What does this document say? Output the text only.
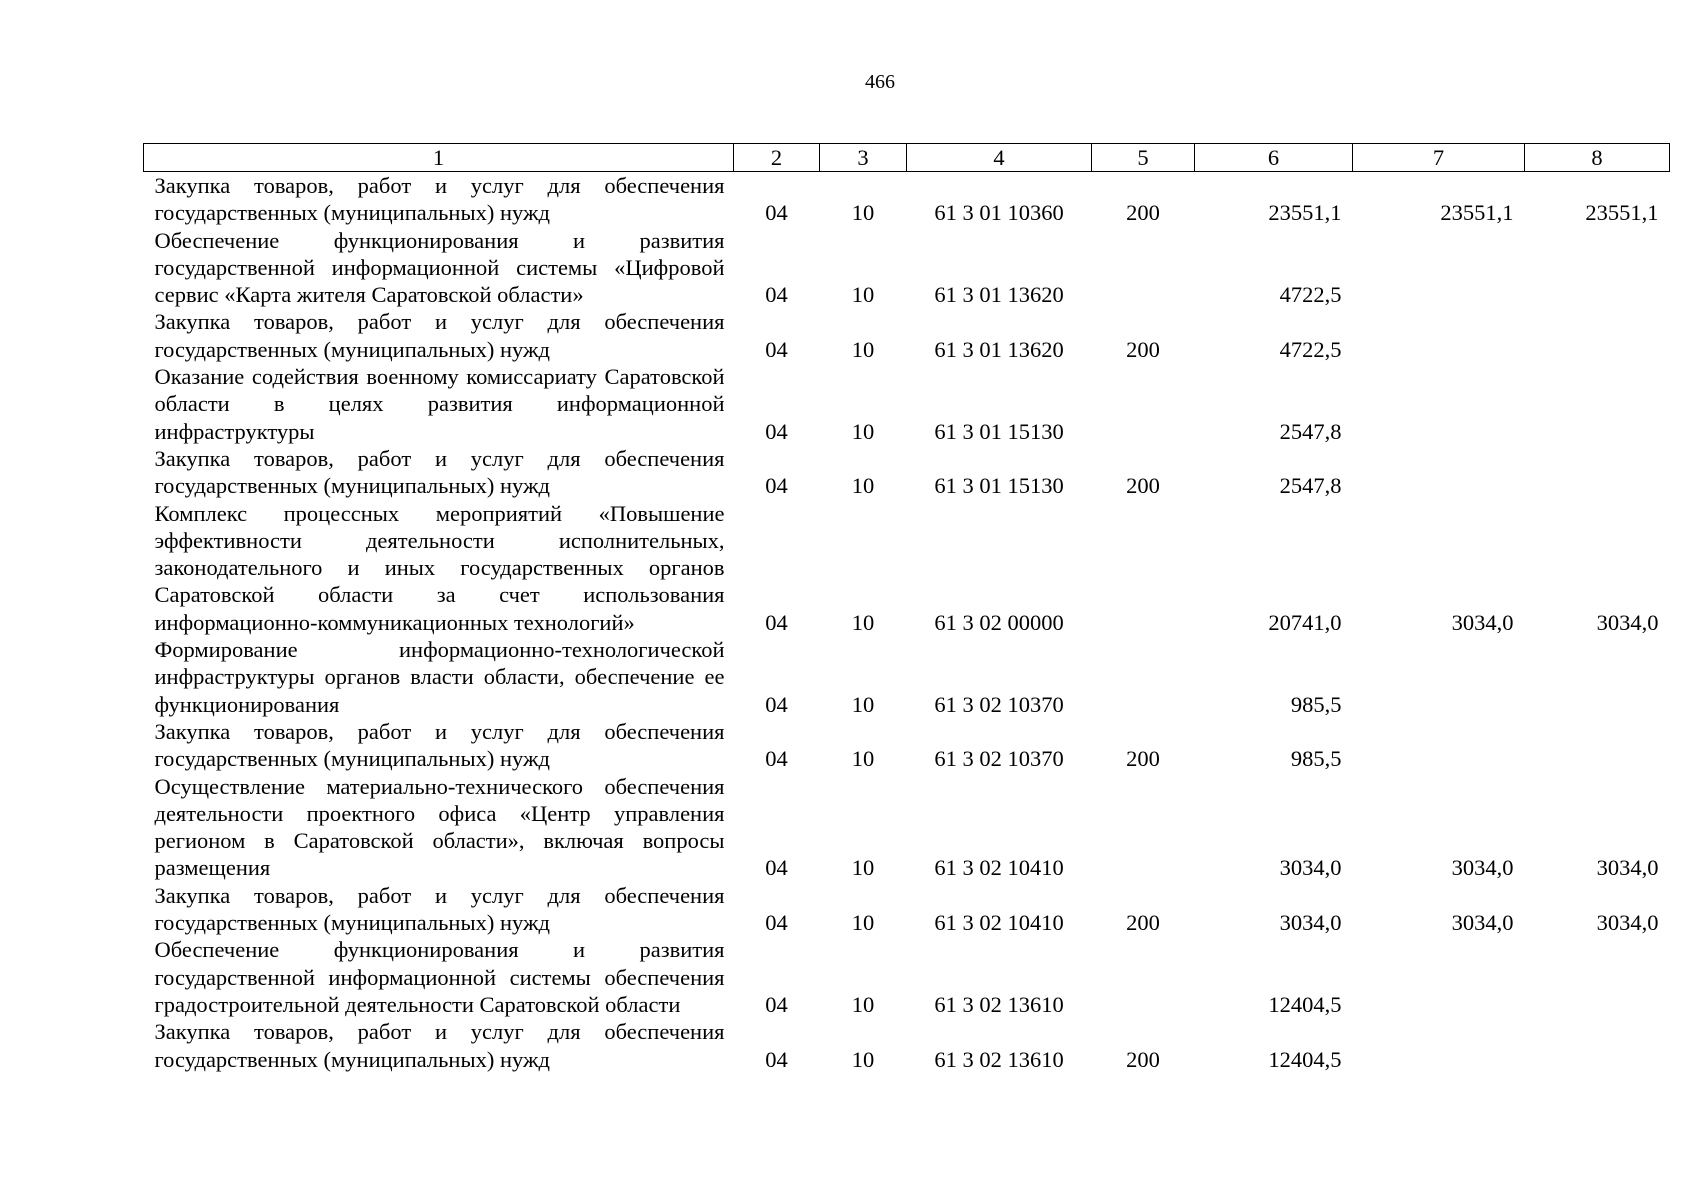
466
1	2	3	4	5	6	7	8
Закупка товаров, работ и услуг для обеспечения государственных (муниципальных) нужд	04	10	61 3 01 10360	200	23551,1	23551,1	23551,1
Обеспечение функционирования и развития государственной информационной системы «Цифровой сервис «Карта жителя Саратовской области»	04	10	61 3 01 13620		4722,5		
Закупка товаров, работ и услуг для обеспечения государственных (муниципальных) нужд	04	10	61 3 01 13620	200	4722,5		
Оказание содействия военному комиссариату Саратовской области в целях развития информационной инфраструктуры	04	10	61 3 01 15130		2547,8		
Закупка товаров, работ и услуг для обеспечения государственных (муниципальных) нужд	04	10	61 3 01 15130	200	2547,8		
Комплекс процессных мероприятий «Повышение эффективности деятельности исполнительных, законодательного и иных государственных органов Саратовской области за счет использования информационно-коммуникационных технологий»	04	10	61 3 02 00000		20741,0	3034,0	3034,0
Формирование информационно-технологической инфраструктуры органов власти области, обеспечение ее функционирования	04	10	61 3 02 10370		985,5		
Закупка товаров, работ и услуг для обеспечения государственных (муниципальных) нужд	04	10	61 3 02 10370	200	985,5		
Осуществление материально-технического обеспечения деятельности проектного офиса «Центр управления регионом в Саратовской области», включая вопросы размещения	04	10	61 3 02 10410		3034,0	3034,0	3034,0
Закупка товаров, работ и услуг для обеспечения государственных (муниципальных) нужд	04	10	61 3 02 10410	200	3034,0	3034,0	3034,0
Обеспечение функционирования и развития государственной информационной системы обеспечения градостроительной деятельности Саратовской области	04	10	61 3 02 13610		12404,5		
Закупка товаров, работ и услуг для обеспечения государственных (муниципальных) нужд	04	10	61 3 02 13610	200	12404,5		
